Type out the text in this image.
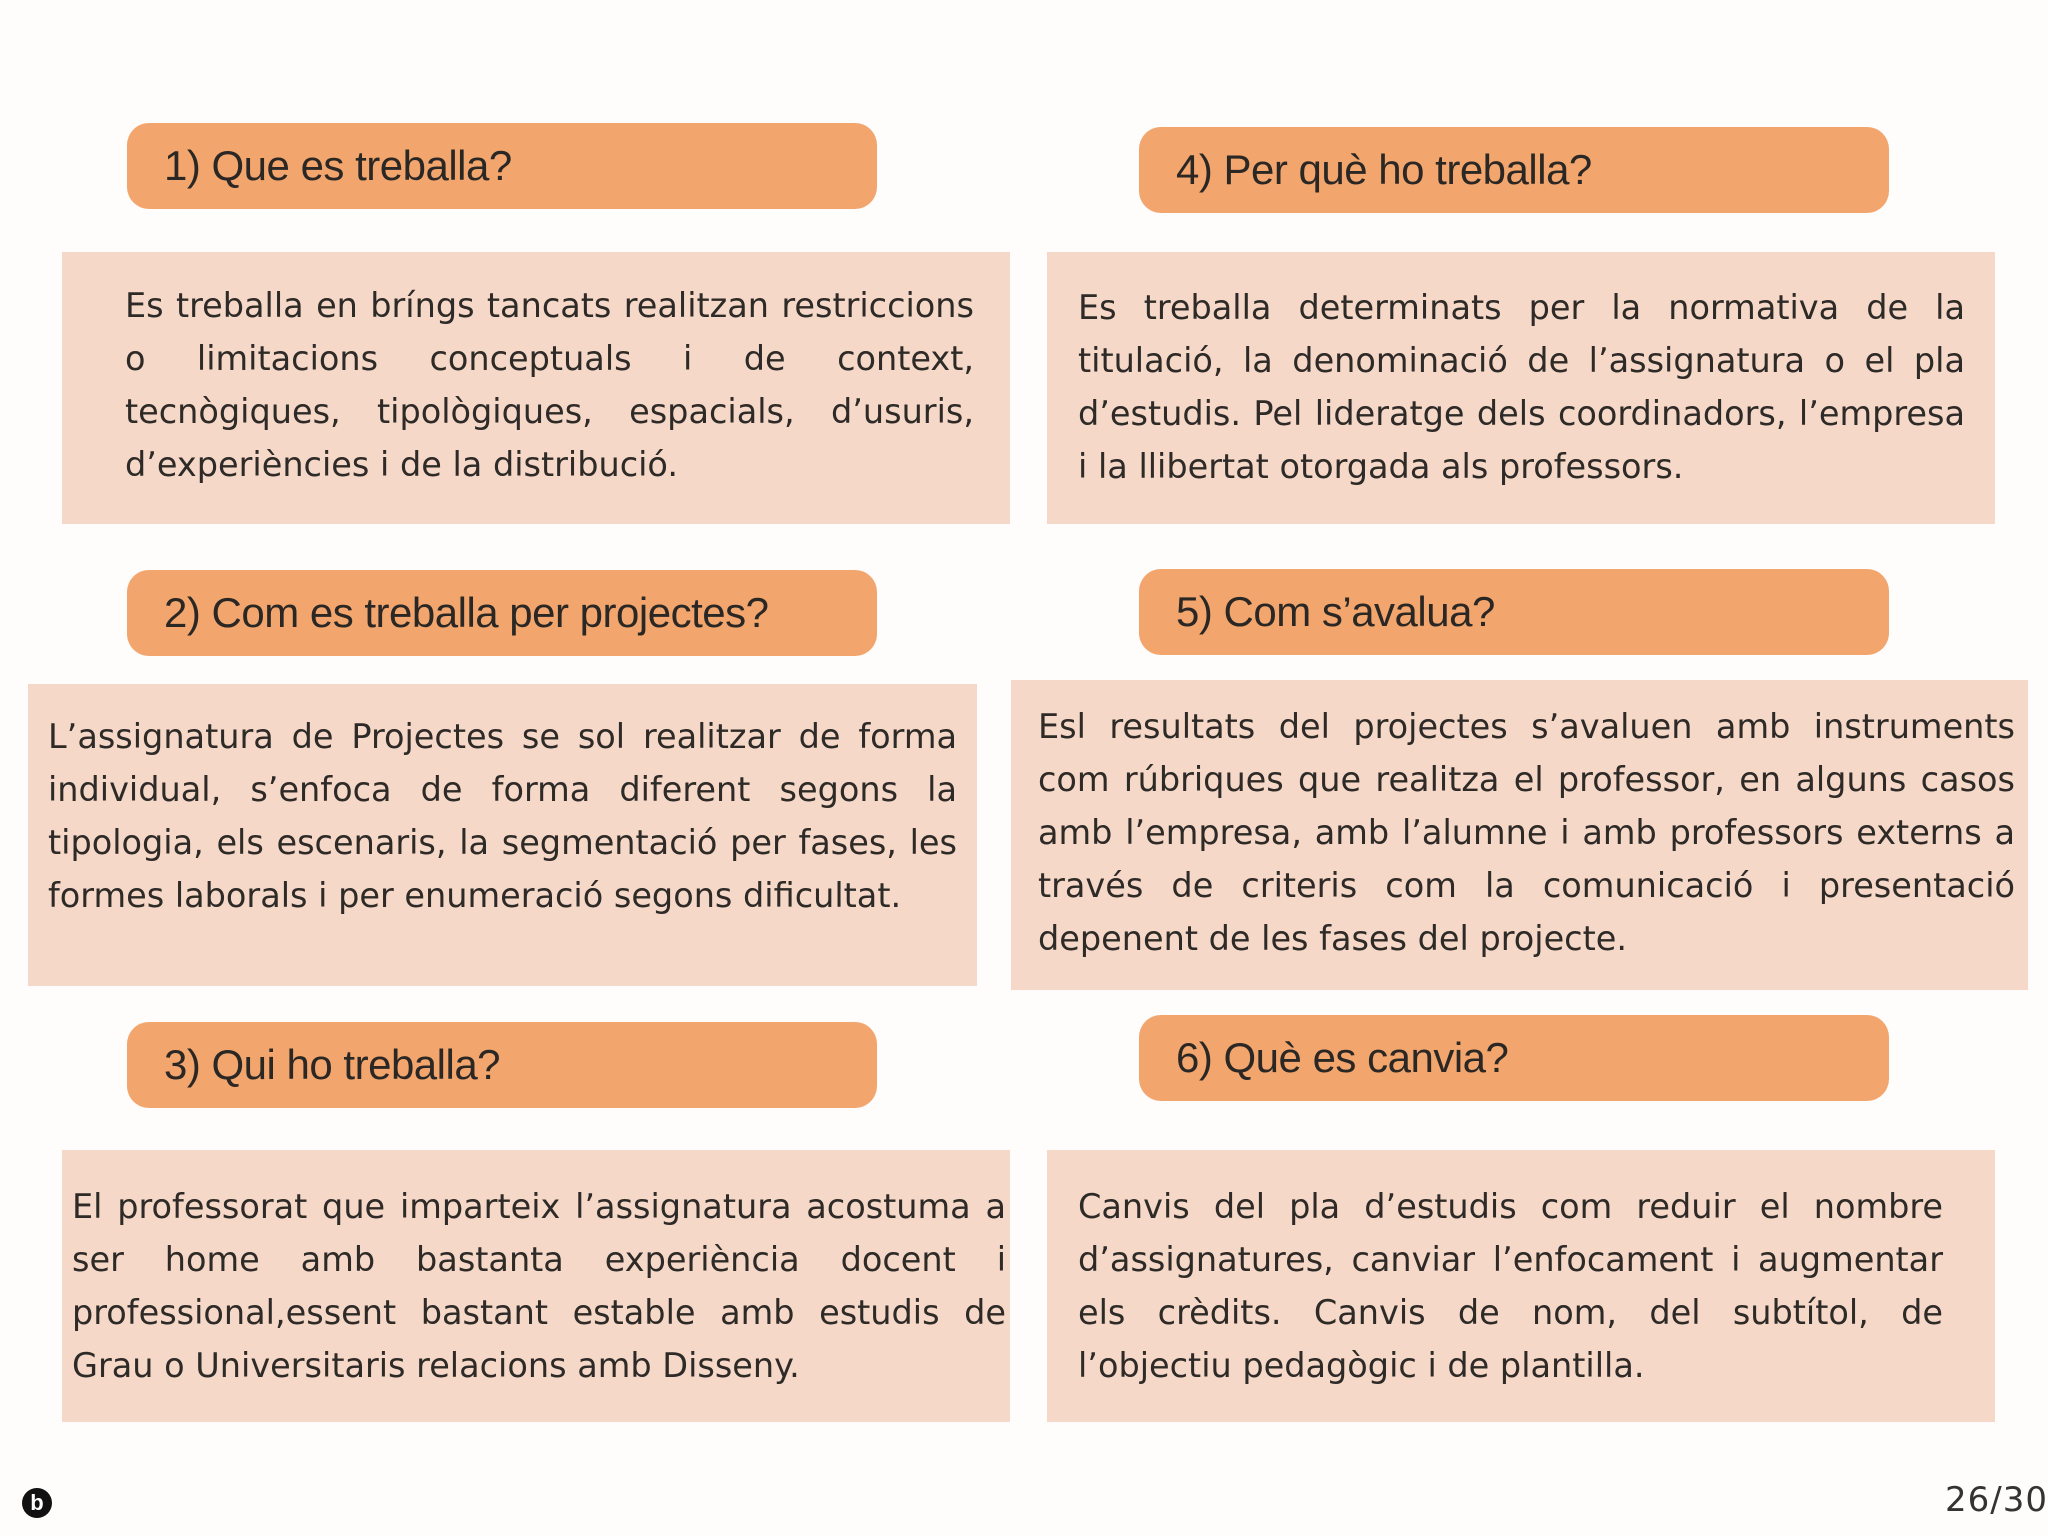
1) Que es treballa?

Es treballa en bríngs tancats realitzan restriccions o limitacions conceptuals i de context, tecnògiques, tipològiques, espacials, d’usuris, d’experiències i de la distribució.

2) Com es treballa per projectes?

L’assignatura de Projectes se sol realitzar de forma individual, s’enfoca de forma diferent segons la tipologia, els escenaris, la segmentació per fases, les formes laborals i per enumeració segons dificultat.

3) Qui ho treballa?

El professorat que imparteix l’assignatura acostuma a ser home amb bastanta experiència docent i professional,essent bastant estable amb estudis de Grau o Universitaris relacions amb Disseny.

4) Per què ho treballa?

Es treballa determinats per la normativa de la titulació, la denominació de l’assignatura o el pla d’estudis. Pel lideratge dels coordinadors, l’empresa i la llibertat otorgada als professors.

5) Com s’avalua?

Esl resultats del projectes s’avaluen amb instruments com rúbriques que realitza el professor, en alguns casos amb l’empresa, amb l’alumne i amb professors externs a través de criteris com la comunicació i presentació depenent de les fases del projecte.

6) Què es canvia?

Canvis del pla d’estudis com reduir el nombre d’assignatures, canviar l’enfocament i augmentar els crèdits. Canvis de nom, del subtítol, de l’objectiu pedagògic i de plantilla.

b	26/30
